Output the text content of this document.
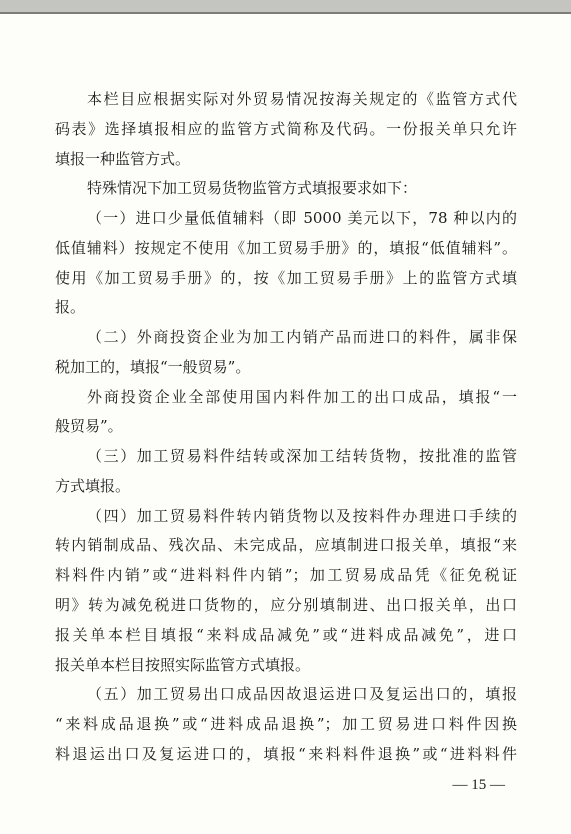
本栏目应根据实际对外贸易情况按海关规定的《监管方式代
码表》选择填报相应的监管方式简称及代码。一份报关单只允许
填报一种监管方式。
特殊情况下加工贸易货物监管方式填报要求如下：
（一）进口少量低值辅料（即 5000 美元以下，78 种以内的
低值辅料）按规定不使用《加工贸易手册》的，填报“低值辅料”。
使用《加工贸易手册》的，按《加工贸易手册》上的监管方式填
报。
（二）外商投资企业为加工内销产品而进口的料件，属非保
税加工的，填报“一般贸易”。
外商投资企业全部使用国内料件加工的出口成品，填报“一
般贸易”。
（三）加工贸易料件结转或深加工结转货物，按批准的监管
方式填报。
（四）加工贸易料件转内销货物以及按料件办理进口手续的
转内销制成品、残次品、未完成品，应填制进口报关单，填报“来
料料件内销”或“进料料件内销”；加工贸易成品凭《征免税证
明》转为减免税进口货物的，应分别填制进、出口报关单，出口
报关单本栏目填报“来料成品减免”或“进料成品减免”，进口
报关单本栏目按照实际监管方式填报。
（五）加工贸易出口成品因故退运进口及复运出口的，填报
“来料成品退换”或“进料成品退换”；加工贸易进口料件因换
料退运出口及复运进口的，填报“来料料件退换”或“进料料件
— 15 —
